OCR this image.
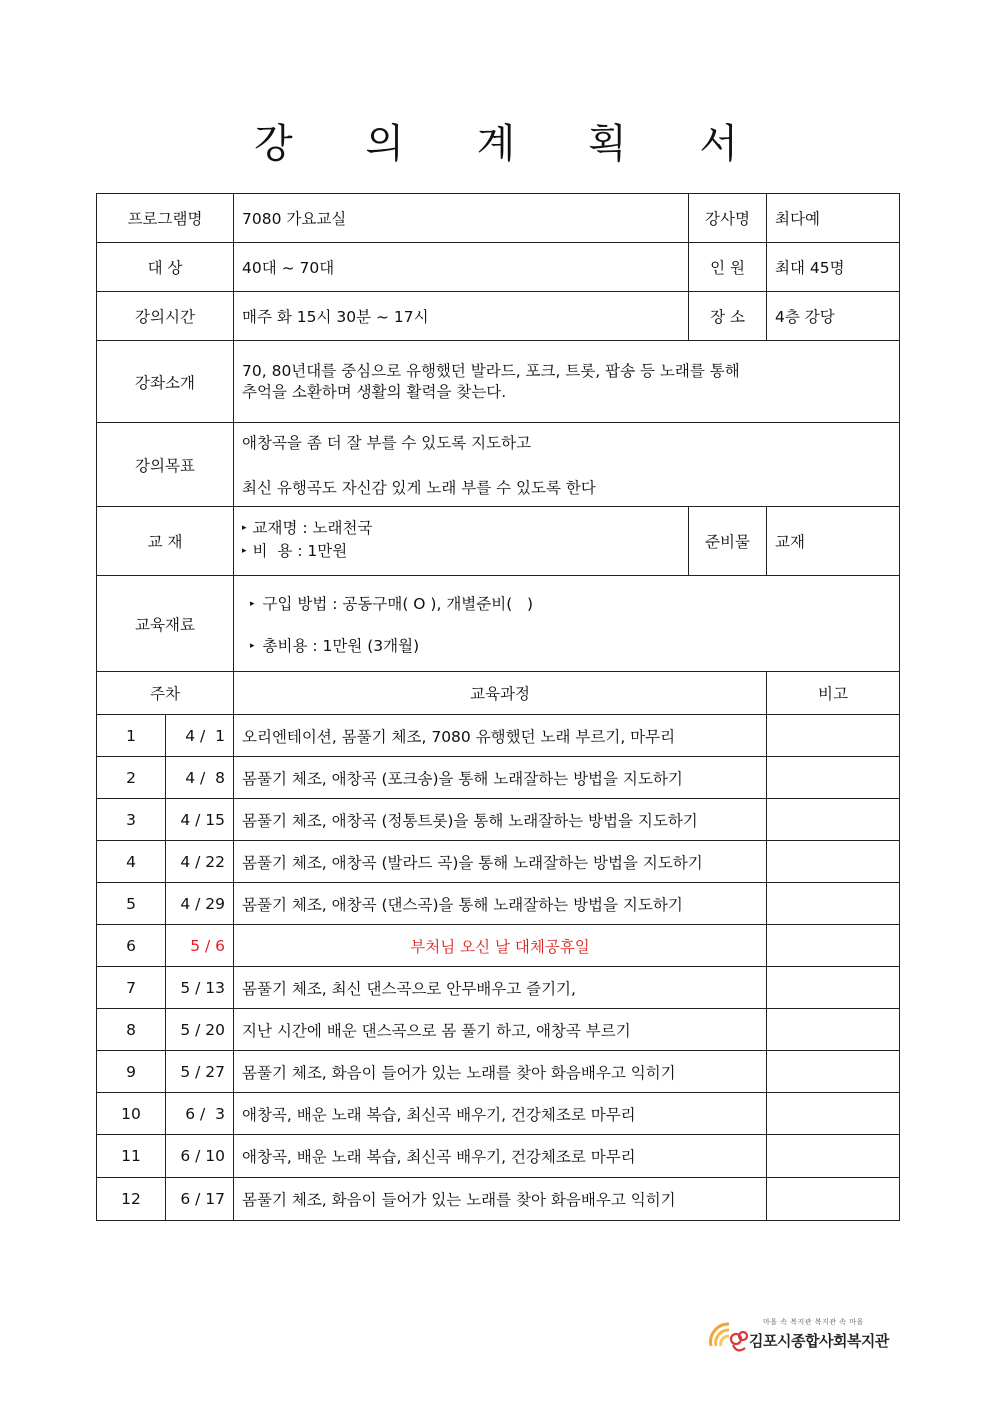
강 의 계 획 서
프로그램명		7080 가요교실	강사명	최다예
대 상		40대 ~ 70대	인 원	최대 45명
강의시간		매주 화 15시 30분 ~ 17시	장 소	4층 강당
강좌소개		70, 80년대를 중심으로 유행했던 발라드, 포크, 트롯, 팝송 등 노래를 통해
추억을 소환하며 생활의 활력을 찾는다.		

강의목표		애창곡을 좀 더 잘 부를 수 있도록 지도하고
최신 유행곡도 자신감 있게 노래 부를 수 있도록 한다		

교 재		▸ 교재명 : 노래천국
▸ 비  용 : 1만원	준비물	교재
교육재료		▸ 구입 방법 : 공동구매( O ), 개별준비(   )
▸ 총비용 : 1만원 (3개월)		

주차		교육과정		비고
1	4 /  1	오리엔테이션, 몸풀기 체조, 7080 유행했던 노래 부르기, 마무리		
2	4 /  8	몸풀기 체조, 애창곡 (포크송)을 통해 노래잘하는 방법을 지도하기		
3	4 / 15	몸풀기 체조, 애창곡 (정통트롯)을 통해 노래잘하는 방법을 지도하기		
4	4 / 22	몸풀기 체조, 애창곡 (발라드 곡)을 통해 노래잘하는 방법을 지도하기		
5	4 / 29	몸풀기 체조, 애창곡 (댄스곡)을 통해 노래잘하는 방법을 지도하기		
6	5 / 6	부처님 오신 날 대체공휴일		
7	5 / 13	몸풀기 체조, 최신 댄스곡으로 안무배우고 즐기기,		
8	5 / 20	지난 시간에 배운 댄스곡으로 몸 풀기 하고, 애창곡 부르기		
9	5 / 27	몸풀기 체조, 화음이 들어가 있는 노래를 찾아 화음배우고 익히기		
10	6 /  3	애창곡, 배운 노래 복습, 최신곡 배우기, 건강체조로 마무리		
11	6 / 10	애창곡, 배운 노래 복습, 최신곡 배우기, 건강체조로 마무리		
12	6 / 17	몸풀기 체조, 화음이 들어가 있는 노래를 찾아 화음배우고 익히기		
마을 속 복지관 복지관 속 마을
김포시종합사회복지관
